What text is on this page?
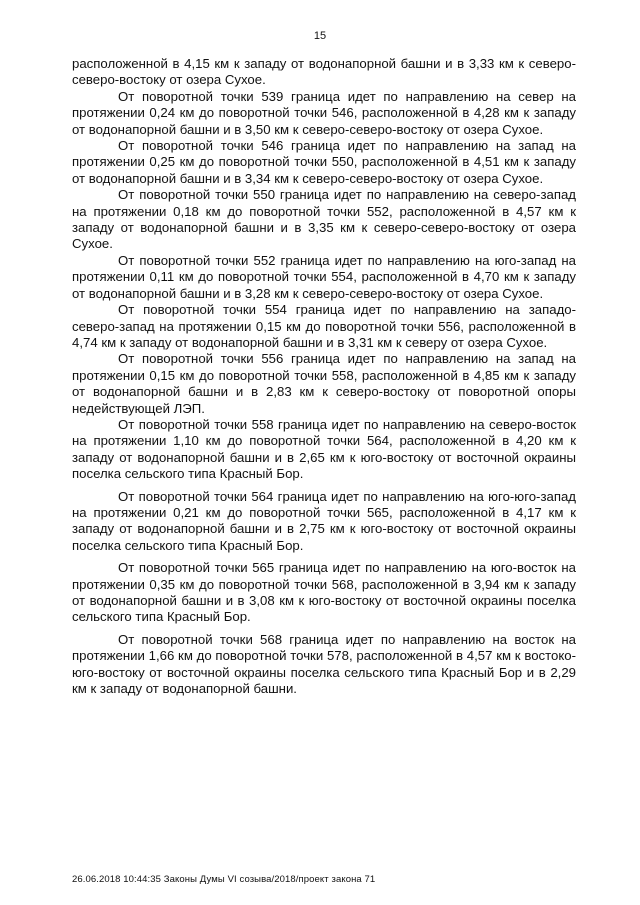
15

расположенной в 4,15 км к западу от водонапорной башни и в 3,33 км к северо-северо-востоку от озера Сухое.

От поворотной точки 539 граница идет по направлению на север на протяжении 0,24 км до поворотной точки 546, расположенной в 4,28 км к западу от водонапорной башни и в 3,50 км к северо-северо-востоку от озера Сухое.

От поворотной точки 546 граница идет по направлению на запад на протяжении 0,25 км до поворотной точки 550, расположенной в 4,51 км к западу от водонапорной башни и в 3,34 км к северо-северо-востоку от озера Сухое.

От поворотной точки 550 граница идет по направлению на северо-запад на протяжении 0,18 км до поворотной точки 552, расположенной в 4,57 км к западу от водонапорной башни и в 3,35 км к северо-северо-востоку от озера Сухое.

От поворотной точки 552 граница идет по направлению на юго-запад на протяжении 0,11 км до поворотной точки 554, расположенной в 4,70 км к западу от водонапорной башни и в 3,28 км к северо-северо-востоку от озера Сухое.

От поворотной точки 554 граница идет по направлению на западо-северо-запад на протяжении 0,15 км до поворотной точки 556, расположенной в 4,74 км к западу от водонапорной башни и в 3,31 км к северу от озера Сухое.

От поворотной точки 556 граница идет по направлению на запад на протяжении 0,15 км до поворотной точки 558, расположенной в 4,85 км к западу от водонапорной башни и в 2,83 км к северо-востоку от поворотной опоры недействующей ЛЭП.

От поворотной точки 558 граница идет по направлению на северо-восток на протяжении 1,10 км до поворотной точки 564, расположенной в 4,20 км к западу от водонапорной башни и в 2,65 км к юго-востоку от восточной окраины поселка сельского типа Красный Бор.

От поворотной точки 564 граница идет по направлению на юго-юго-запад на протяжении 0,21 км до поворотной точки 565, расположенной в 4,17 км к западу от водонапорной башни и в 2,75 км к юго-востоку от восточной окраины поселка сельского типа Красный Бор.

От поворотной точки 565 граница идет по направлению на юго-восток на протяжении 0,35 км до поворотной точки 568, расположенной в 3,94 км к западу от водонапорной башни и в 3,08 км к юго-востоку от восточной окраины поселка сельского типа Красный Бор.

От поворотной точки 568 граница идет по направлению на восток на протяжении 1,66 км до поворотной точки 578, расположенной в 4,57 км к востоко-юго-востоку от восточной окраины поселка сельского типа Красный Бор и в 2,29 км к западу от водонапорной башни.

26.06.2018 10:44:35 Законы Думы VI созыва/2018/проект закона 71
